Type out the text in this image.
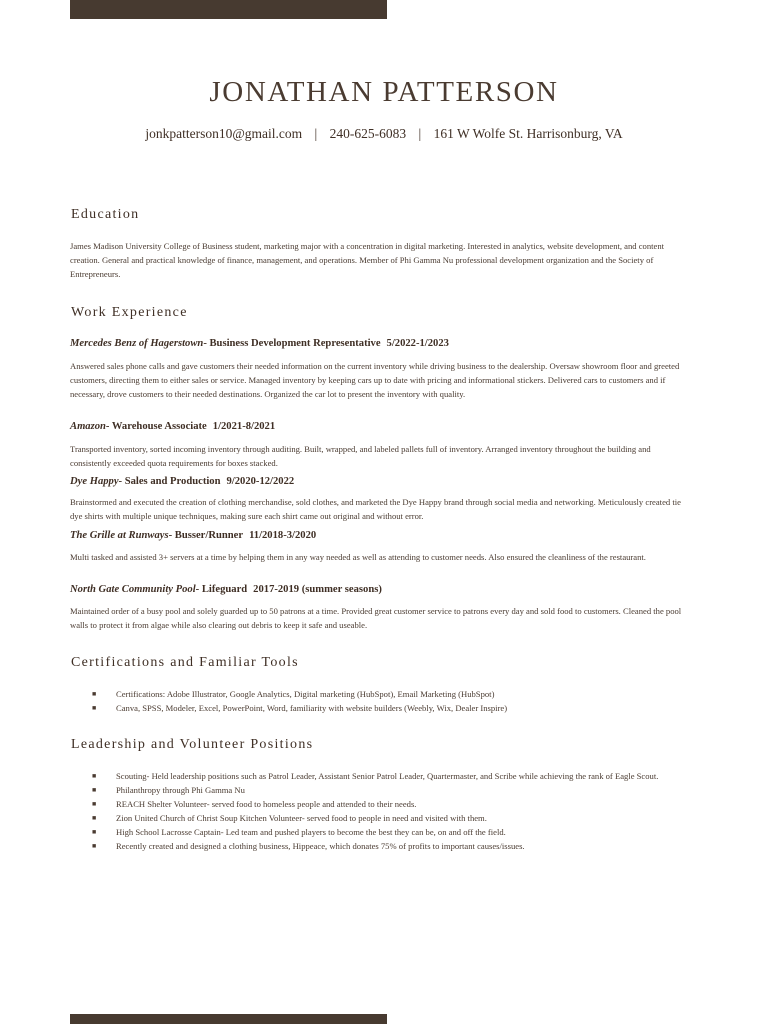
JONATHAN PATTERSON
jonkpatterson10@gmail.com | 240-625-6083 | 161 W Wolfe St. Harrisonburg, VA
Education

James Madison University College of Business student, marketing major with a concentration in digital marketing. Interested in analytics, website development, and content creation. General and practical knowledge of finance, management, and operations. Member of Phi Gamma Nu professional development organization and the Society of Entrepreneurs.

Work Experience
Mercedes Benz of Hagerstown- Business Development Representative 5/2022-1/2023

Answered sales phone calls and gave customers their needed information on the current inventory while driving business to the dealership. Oversaw showroom floor and greeted customers, directing them to either sales or service. Managed inventory by keeping cars up to date with pricing and informational stickers. Delivered cars to customers and if necessary, drove customers to their needed destinations. Organized the car lot to present the inventory with quality.

Amazon- Warehouse Associate 1/2021-8/2021

Transported inventory, sorted incoming inventory through auditing. Built, wrapped, and labeled pallets full of inventory. Arranged inventory throughout the building and consistently exceeded quota requirements for boxes stacked.

Dye Happy- Sales and Production 9/2020-12/2022

Brainstormed and executed the creation of clothing merchandise, sold clothes, and marketed the Dye Happy brand through social media and networking. Meticulously created tie dye shirts with multiple unique techniques, making sure each shirt came out original and without error.

The Grille at Runways- Busser/Runner 11/2018-3/2020

Multi tasked and assisted 3+ servers at a time by helping them in any way needed as well as attending to customer needs. Also ensured the cleanliness of the restaurant.

North Gate Community Pool- Lifeguard 2017-2019 (summer seasons)

Maintained order of a busy pool and solely guarded up to 50 patrons at a time. Provided great customer service to patrons every day and sold food to customers. Cleaned the pool walls to protect it from algae while also clearing out debris to keep it safe and useable.

Certifications and Familiar Tools
■ Certifications: Adobe Illustrator, Google Analytics, Digital marketing (HubSpot), Email Marketing (HubSpot)
■ Canva, SPSS, Modeler, Excel, PowerPoint, Word, familiarity with website builders (Weebly, Wix, Dealer Inspire)
Leadership and Volunteer Positions
■ Scouting- Held leadership positions such as Patrol Leader, Assistant Senior Patrol Leader, Quartermaster, and Scribe while achieving the rank of Eagle Scout.
■ Philanthropy through Phi Gamma Nu
■ REACH Shelter Volunteer- served food to homeless people and attended to their needs.
■ Zion United Church of Christ Soup Kitchen Volunteer- served food to people in need and visited with them.
■ High School Lacrosse Captain- Led team and pushed players to become the best they can be, on and off the field.
■ Recently created and designed a clothing business, Hippeace, which donates 75% of profits to important causes/issues.
